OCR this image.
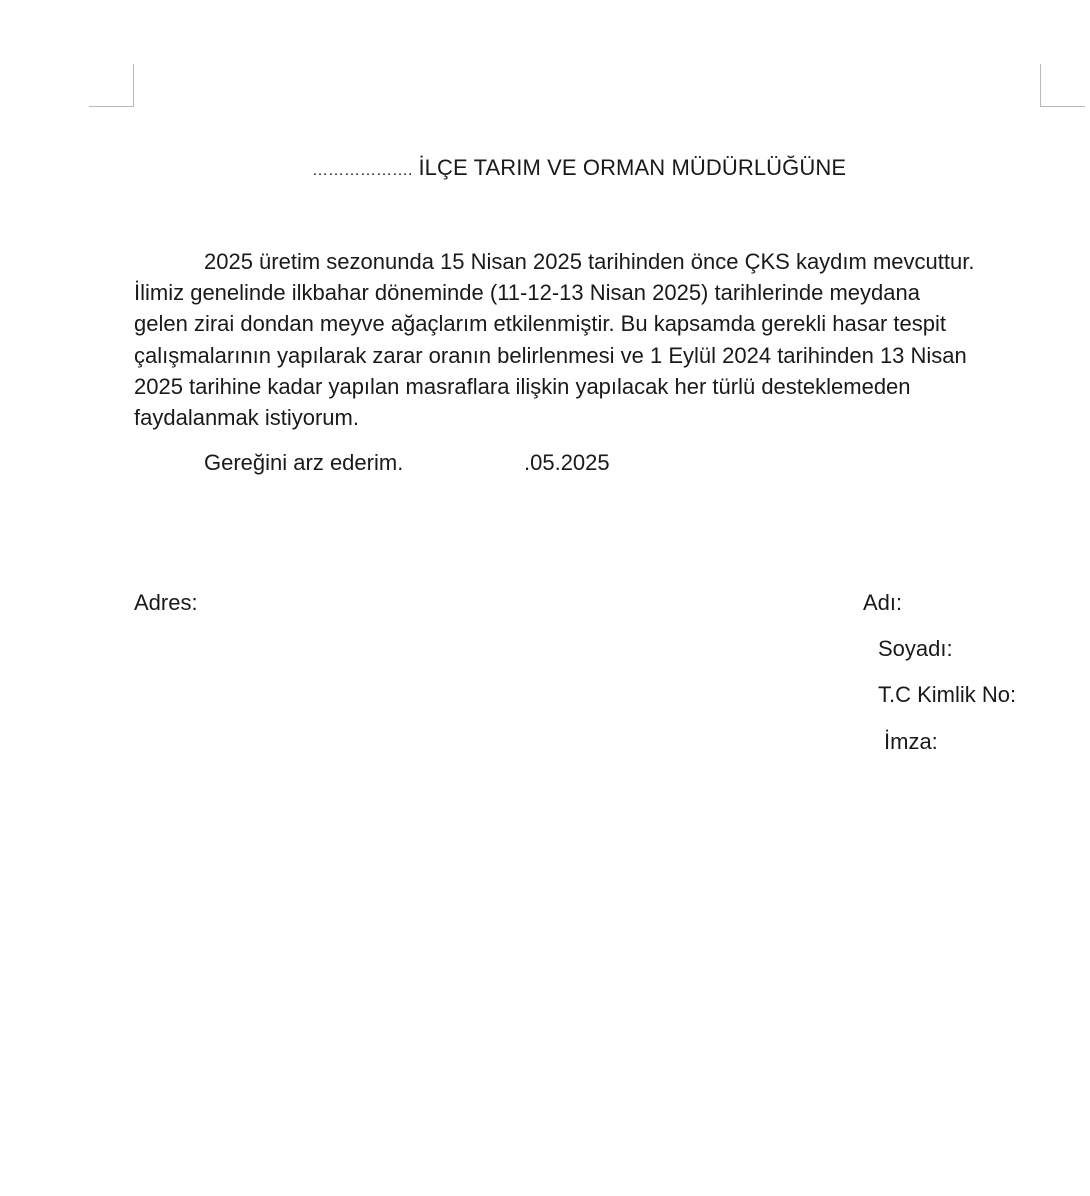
………………. İLÇE TARIM VE ORMAN MÜDÜRLÜĞÜNE

2025 üretim sezonunda 15 Nisan 2025 tarihinden önce ÇKS kaydım mevcuttur.
İlimiz genelinde ilkbahar döneminde (11-12-13 Nisan 2025) tarihlerinde meydana
gelen zirai dondan meyve ağaçlarım etkilenmiştir. Bu kapsamda gerekli hasar tespit
çalışmalarının yapılarak zarar oranın belirlenmesi ve 1 Eylül 2024 tarihinden 13 Nisan
2025 tarihine kadar yapılan masraflara ilişkin yapılacak her türlü desteklemeden
faydalanmak istiyorum.

Gereğini arz ederim.	.05.2025
Adres:	Adı:
Soyadı:
T.C Kimlik No:
İmza:
